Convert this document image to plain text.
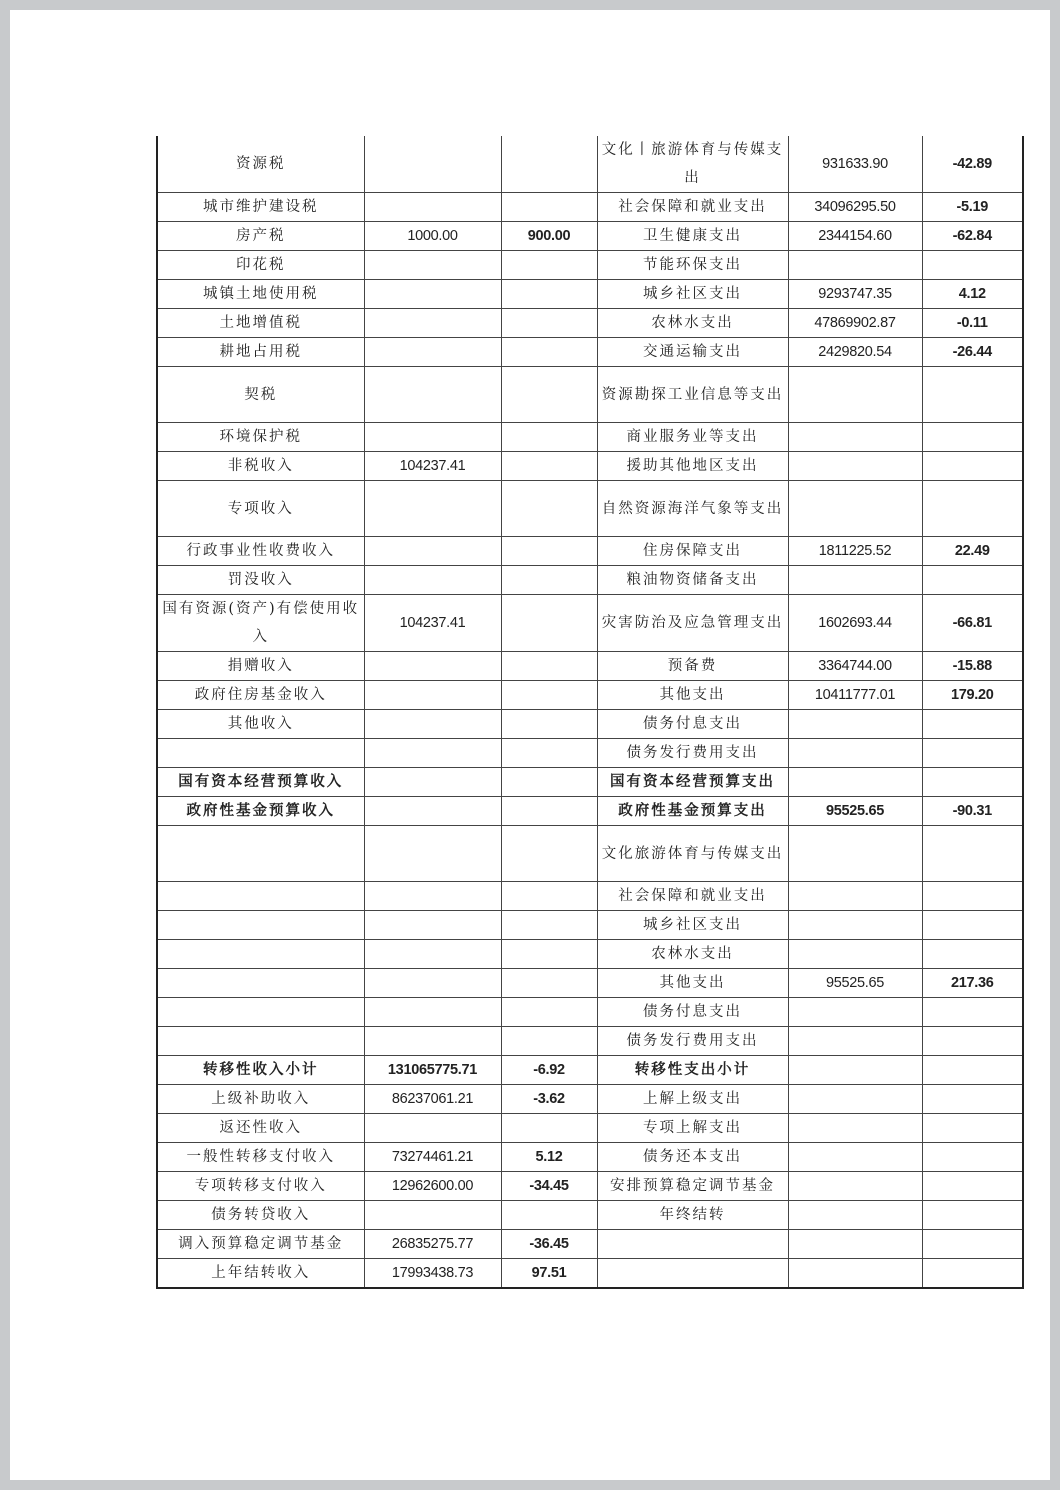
资源税			文化丨旅游体育与传媒支出	931633.90	-42.89
城市维护建设税			社会保障和就业支出	34096295.50	-5.19
房产税	1000.00	900.00	卫生健康支出	2344154.60	-62.84
印花税			节能环保支出		
城镇土地使用税			城乡社区支出	9293747.35	4.12
土地增值税			农林水支出	47869902.87	-0.11
耕地占用税			交通运输支出	2429820.54	-26.44
契税			资源勘探工业信息等支出		
环境保护税			商业服务业等支出		
非税收入	104237.41		援助其他地区支出		
专项收入			自然资源海洋气象等支出		
行政事业性收费收入			住房保障支出	1811225.52	22.49
罚没收入			粮油物资储备支出		
国有资源(资产)有偿使用收入	104237.41		灾害防治及应急管理支出	1602693.44	-66.81
捐赠收入			预备费	3364744.00	-15.88
政府住房基金收入			其他支出	10411777.01	179.20
其他收入			债务付息支出		
			债务发行费用支出		
国有资本经营预算收入			国有资本经营预算支出		
政府性基金预算收入			政府性基金预算支出	95525.65	-90.31
			文化旅游体育与传媒支出		
			社会保障和就业支出		
			城乡社区支出		
			农林水支出		
			其他支出	95525.65	217.36
			债务付息支出		
			债务发行费用支出		
转移性收入小计	131065775.71	-6.92	转移性支出小计		
上级补助收入	86237061.21	-3.62	上解上级支出		
返还性收入			专项上解支出		
一般性转移支付收入	73274461.21	5.12	债务还本支出		
专项转移支付收入	12962600.00	-34.45	安排预算稳定调节基金		
债务转贷收入			年终结转		
调入预算稳定调节基金	26835275.77	-36.45			
上年结转收入	17993438.73	97.51			
